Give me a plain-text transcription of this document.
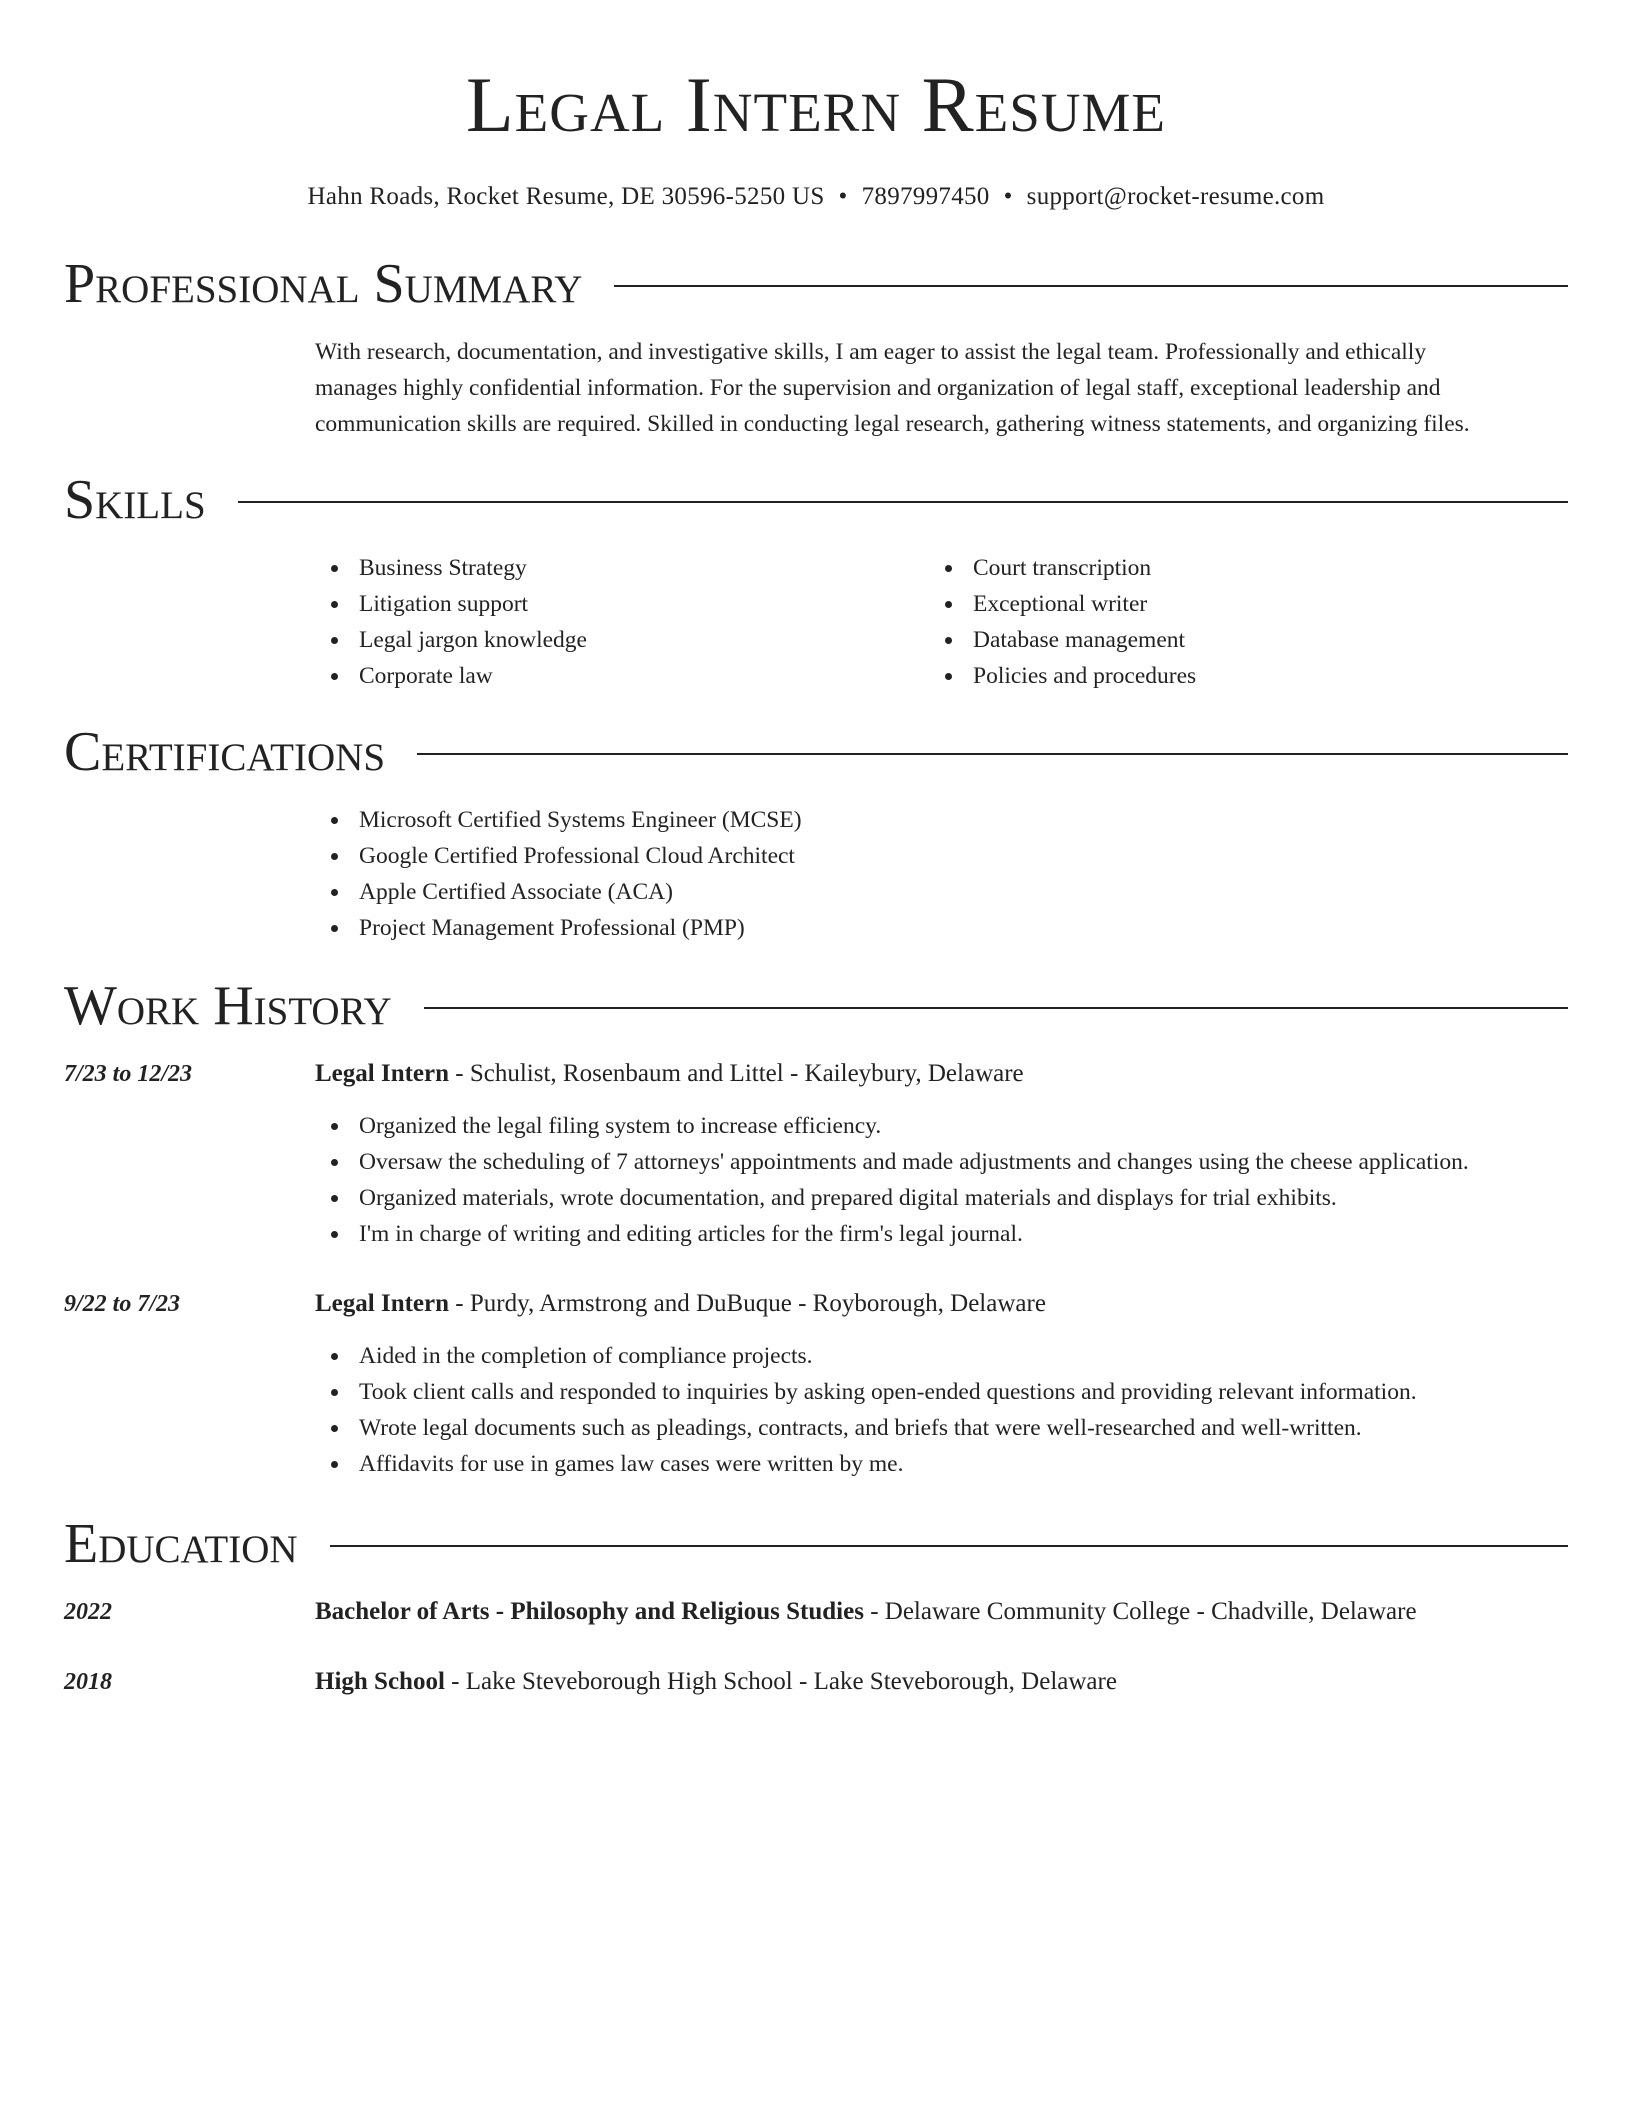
Legal Intern Resume
Hahn Roads, Rocket Resume, DE 30596-5250 US • 7897997450 • support@rocket-resume.com
Professional Summary
With research, documentation, and investigative skills, I am eager to assist the legal team. Professionally and ethically
manages highly confidential information. For the supervision and organization of legal staff, exceptional leadership and
communication skills are required. Skilled in conducting legal research, gathering witness statements, and organizing files.
Skills
Business Strategy
Litigation support
Legal jargon knowledge
Corporate law
Court transcription
Exceptional writer
Database management
Policies and procedures
Certifications
Microsoft Certified Systems Engineer (MCSE)
Google Certified Professional Cloud Architect
Apple Certified Associate (ACA)
Project Management Professional (PMP)
Work History
7/23 to 12/23	Legal Intern - Schulist, Rosenbaum and Littel - Kaileybury, Delaware
Organized the legal filing system to increase efficiency.
Oversaw the scheduling of 7 attorneys' appointments and made adjustments and changes using the cheese application.
Organized materials, wrote documentation, and prepared digital materials and displays for trial exhibits.
I'm in charge of writing and editing articles for the firm's legal journal.
9/22 to 7/23	Legal Intern - Purdy, Armstrong and DuBuque - Royborough, Delaware
Aided in the completion of compliance projects.
Took client calls and responded to inquiries by asking open-ended questions and providing relevant information.
Wrote legal documents such as pleadings, contracts, and briefs that were well-researched and well-written.
Affidavits for use in games law cases were written by me.
Education
2022	Bachelor of Arts - Philosophy and Religious Studies - Delaware Community College - Chadville, Delaware
2018	High School - Lake Steveborough High School - Lake Steveborough, Delaware
